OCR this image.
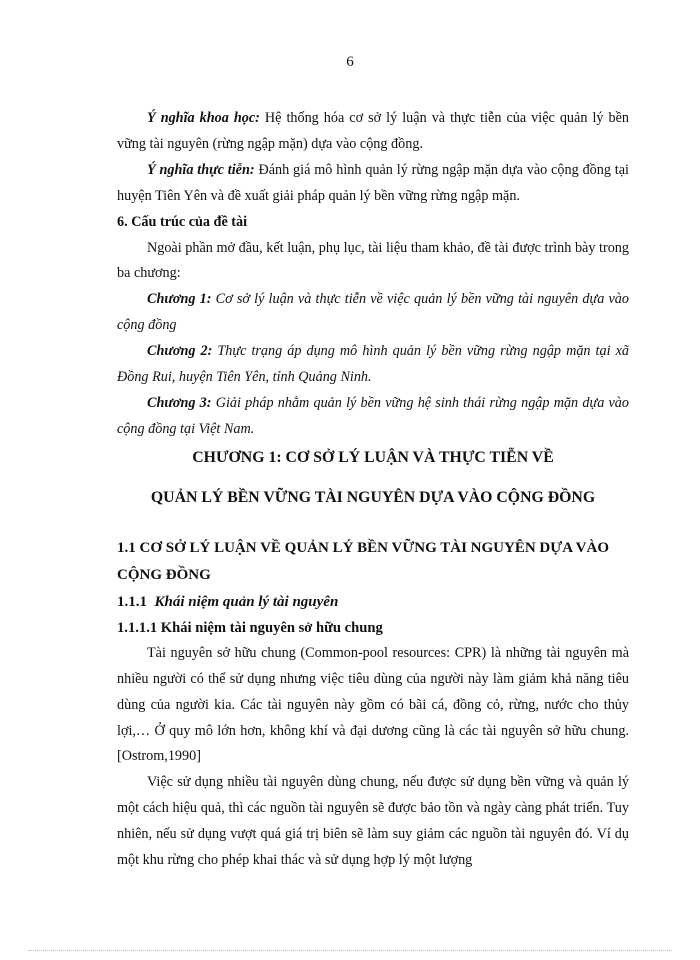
6

Ý nghĩa khoa học: Hệ thống hóa cơ sở lý luận và thực tiễn của việc quản lý bền vững tài nguyên (rừng ngập mặn) dựa vào cộng đồng.

Ý nghĩa thực tiễn: Đánh giá mô hình quản lý rừng ngập mặn dựa vào cộng đồng tại huyện Tiên Yên và đề xuất giải pháp quản lý bền vững rừng ngập mặn.

6. Cấu trúc của đề tài

Ngoài phần mở đầu, kết luận, phụ lục, tài liệu tham khảo, đề tài được trình bày trong ba chương:

Chương 1: Cơ sở lý luận và thực tiễn về việc quản lý bền vững tài nguyên dựa vào cộng đồng

Chương 2: Thực trạng áp dụng mô hình quản lý bền vững rừng ngập mặn tại xã Đồng Rui, huyện Tiên Yên, tỉnh Quảng Ninh.

Chương 3: Giải pháp nhằm quản lý bền vững hệ sinh thái rừng ngập mặn dựa vào cộng đồng tại Việt Nam.

CHƯƠNG 1: CƠ SỞ LÝ LUẬN VÀ THỰC TIỄN VỀ

QUẢN LÝ BỀN VỮNG TÀI NGUYÊN DỰA VÀO CỘNG ĐỒNG

1.1 CƠ SỞ LÝ LUẬN VỀ QUẢN LÝ BỀN VỮNG TÀI NGUYÊN DỰA VÀO CỘNG ĐỒNG

1.1.1 Khái niệm quản lý tài nguyên

1.1.1.1 Khái niệm tài nguyên sở hữu chung

Tài nguyên sở hữu chung (Common-pool resources: CPR) là những tài nguyên mà nhiều người có thể sử dụng nhưng việc tiêu dùng của người này làm giảm khả năng tiêu dùng của người kia. Các tài nguyên này gồm có bãi cá, đồng cỏ, rừng, nước cho thủy lợi,… Ở quy mô lớn hơn, không khí và đại dương cũng là các tài nguyên sở hữu chung. [Ostrom,1990]

Việc sử dụng nhiều tài nguyên dùng chung, nếu được sử dụng bền vững và quản lý một cách hiệu quả, thì các nguồn tài nguyên sẽ được bảo tồn và ngày càng phát triển. Tuy nhiên, nếu sử dụng vượt quá giá trị biên sẽ làm suy giảm các nguồn tài nguyên đó. Ví dụ một khu rừng cho phép khai thác và sử dụng hợp lý một lượng
